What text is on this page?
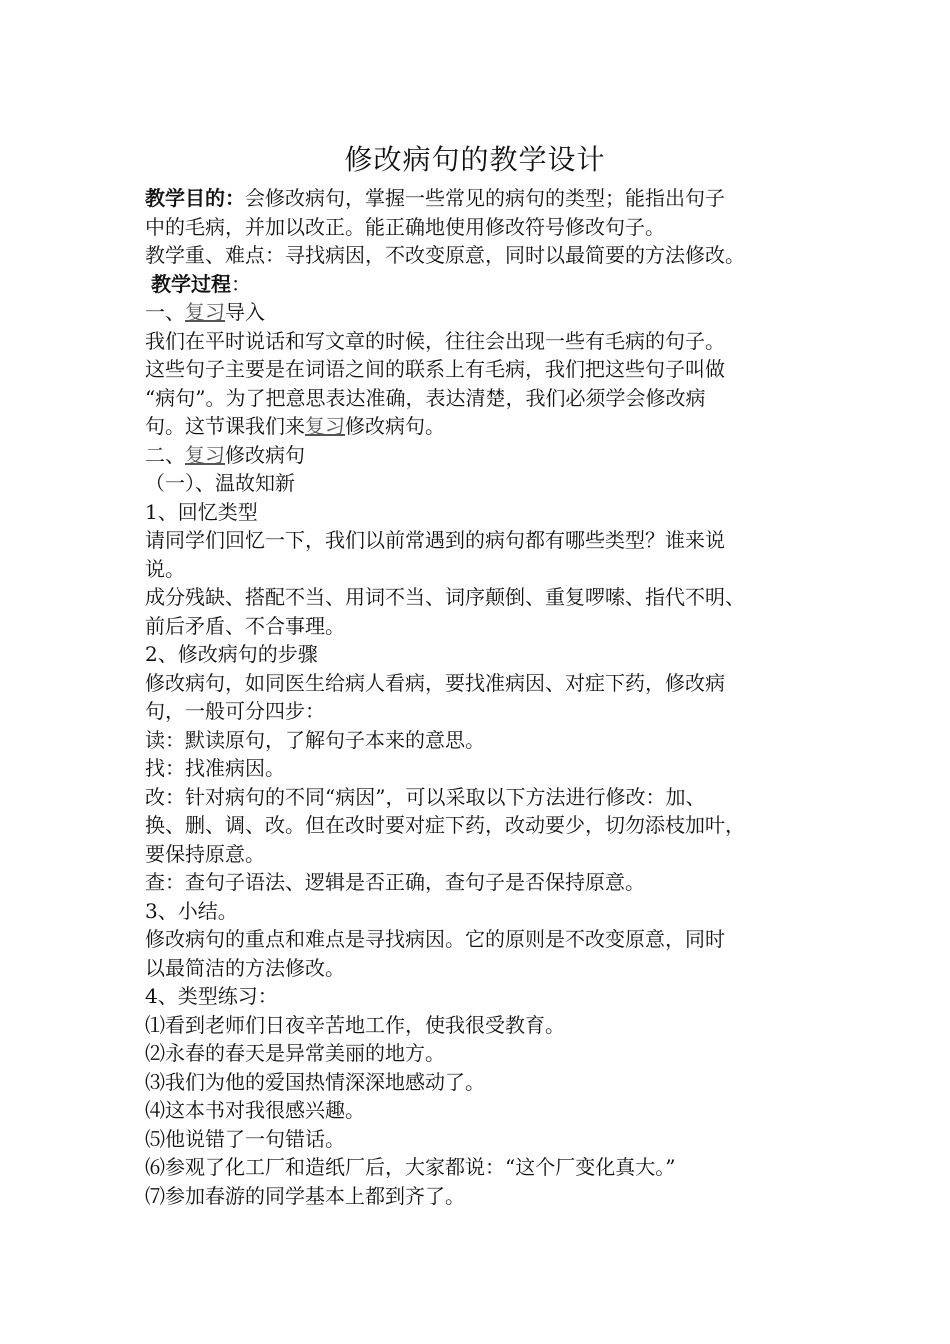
修改病句的教学设计
教学目的：会修改病句，掌握一些常见的病句的类型；能指出句子
中的毛病，并加以改正。能正确地使用修改符号修改句子。
教学重、难点：寻找病因，不改变原意，同时以最简要的方法修改。
教学过程：
一、复习导入
我们在平时说话和写文章的时候，往往会出现一些有毛病的句子。
这些句子主要是在词语之间的联系上有毛病，我们把这些句子叫做
“病句”。为了把意思表达准确，表达清楚，我们必须学会修改病
句。这节课我们来复习修改病句。
二、复习修改病句
（一）、温故知新
1、回忆类型
请同学们回忆一下，我们以前常遇到的病句都有哪些类型？谁来说
说。
成分残缺、搭配不当、用词不当、词序颠倒、重复啰嗦、指代不明、
前后矛盾、不合事理。
2、修改病句的步骤
修改病句，如同医生给病人看病，要找准病因、对症下药，修改病
句，一般可分四步：
读：默读原句，了解句子本来的意思。
找：找准病因。
改：针对病句的不同“病因”，可以采取以下方法进行修改：加、
换、删、调、改。但在改时要对症下药，改动要少，切勿添枝加叶，
要保持原意。
查：查句子语法、逻辑是否正确，查句子是否保持原意。
3、小结。
修改病句的重点和难点是寻找病因。它的原则是不改变原意，同时
以最简洁的方法修改。
4、类型练习：
⑴看到老师们日夜辛苦地工作，使我很受教育。
⑵永春的春天是异常美丽的地方。
⑶我们为他的爱国热情深深地感动了。
⑷这本书对我很感兴趣。
⑸他说错了一句错话。
⑹参观了化工厂和造纸厂后，大家都说：“这个厂变化真大。”
⑺参加春游的同学基本上都到齐了。
